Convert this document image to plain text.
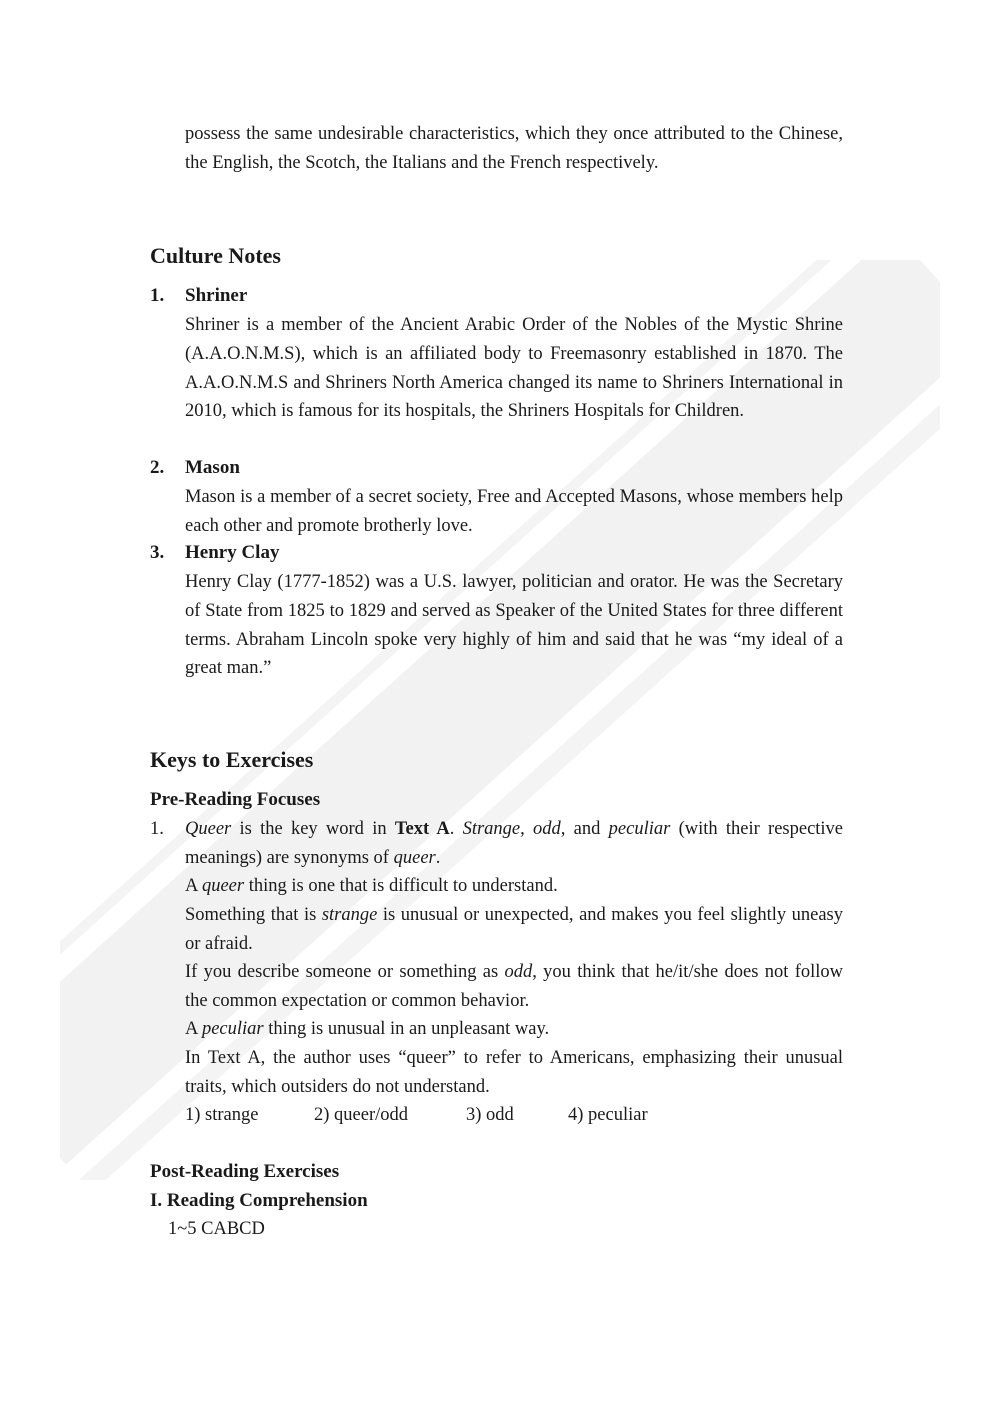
possess the same undesirable characteristics, which they once attributed to the Chinese, the English, the Scotch, the Italians and the French respectively.
Culture Notes
1. Shriner
Shriner is a member of the Ancient Arabic Order of the Nobles of the Mystic Shrine (A.A.O.N.M.S), which is an affiliated body to Freemasonry established in 1870. The A.A.O.N.M.S and Shriners North America changed its name to Shriners International in 2010, which is famous for its hospitals, the Shriners Hospitals for Children.
2. Mason
Mason is a member of a secret society, Free and Accepted Masons, whose members help each other and promote brotherly love.
3. Henry Clay
Henry Clay (1777-1852) was a U.S. lawyer, politician and orator. He was the Secretary of State from 1825 to 1829 and served as Speaker of the United States for three different terms. Abraham Lincoln spoke very highly of him and said that he was “my ideal of a great man.”
Keys to Exercises
Pre-Reading Focuses
1. Queer is the key word in Text A. Strange, odd, and peculiar (with their respective meanings) are synonyms of queer.
A queer thing is one that is difficult to understand.
Something that is strange is unusual or unexpected, and makes you feel slightly uneasy or afraid.
If you describe someone or something as odd, you think that he/it/she does not follow the common expectation or common behavior.
A peculiar thing is unusual in an unpleasant way.
In Text A, the author uses “queer” to refer to Americans, emphasizing their unusual traits, which outsiders do not understand.
1) strange	2) queer/odd	3) odd	4) peculiar
Post-Reading Exercises
I. Reading Comprehension
1~5 CABCD
